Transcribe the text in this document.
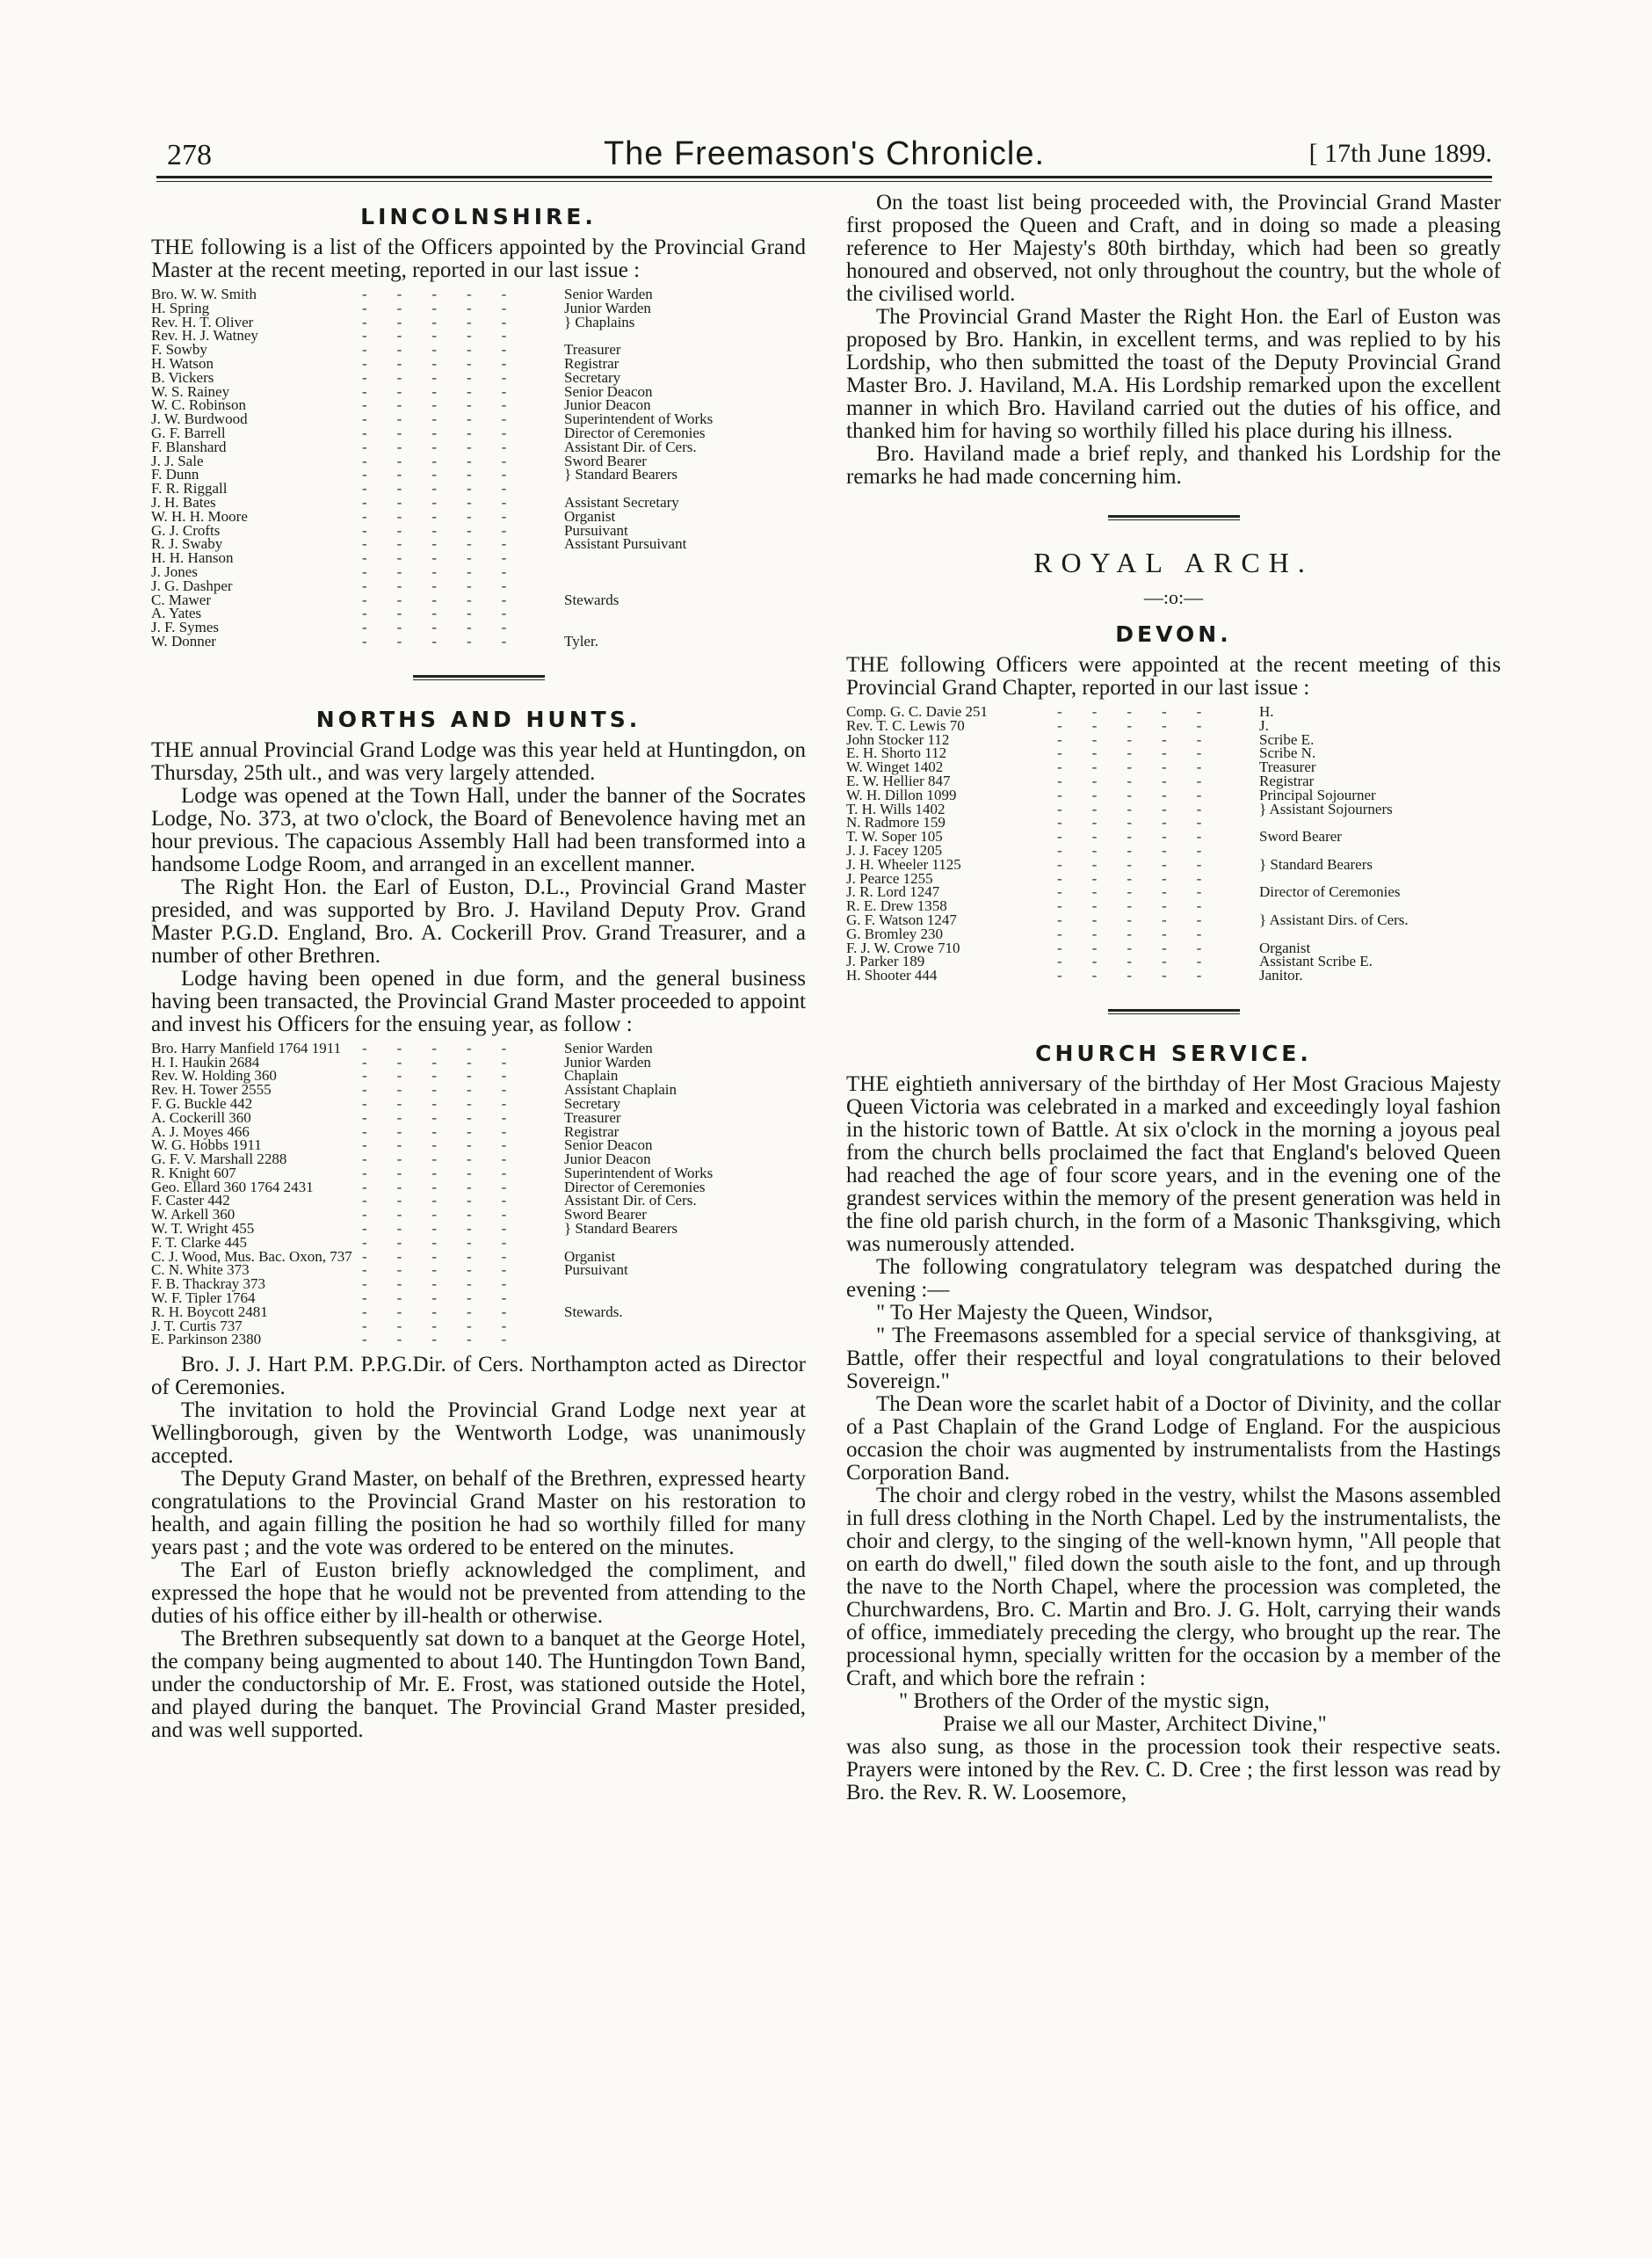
278	The Freemason's Chronicle.	[ 17th June 1899.
LINCOLNSHIRE.

THE following is a list of the Officers appointed by the Provincial Grand Master at the recent meeting, reported in our last issue :

Bro. W. W. Smith	-        -        -        -        -	Senior Warden
H. Spring	-        -        -        -        -	Junior Warden
Rev. H. T. Oliver	-        -        -        -        -	} Chaplains
Rev. H. J. Watney	-        -        -        -        -	
F. Sowby	-        -        -        -        -	Treasurer
H. Watson	-        -        -        -        -	Registrar
B. Vickers	-        -        -        -        -	Secretary
W. S. Rainey	-        -        -        -        -	Senior Deacon
W. C. Robinson	-        -        -        -        -	Junior Deacon
J. W. Burdwood	-        -        -        -        -	Superintendent of Works
G. F. Barrell	-        -        -        -        -	Director of Ceremonies
F. Blanshard	-        -        -        -        -	Assistant Dir. of Cers.
J. J. Sale	-        -        -        -        -	Sword Bearer
F. Dunn	-        -        -        -        -	} Standard Bearers
F. R. Riggall	-        -        -        -        -	
J. H. Bates	-        -        -        -        -	Assistant Secretary
W. H. H. Moore	-        -        -        -        -	Organist
G. J. Crofts	-        -        -        -        -	Pursuivant
R. J. Swaby	-        -        -        -        -	Assistant Pursuivant
H. H. Hanson	-        -        -        -        -	
J. Jones	-        -        -        -        -	
J. G. Dashper	-        -        -        -        -	
C. Mawer	-        -        -        -        -	Stewards
A. Yates	-        -        -        -        -	
J. F. Symes	-        -        -        -        -	
W. Donner	-        -        -        -        -	Tyler.
NORTHS AND HUNTS.

THE annual Provincial Grand Lodge was this year held at Huntingdon, on Thursday, 25th ult., and was very largely attended.

Lodge was opened at the Town Hall, under the banner of the Socrates Lodge, No. 373, at two o'clock, the Board of Benevolence having met an hour previous. The capacious Assembly Hall had been transformed into a handsome Lodge Room, and arranged in an excellent manner.

The Right Hon. the Earl of Euston, D.L., Provincial Grand Master presided, and was supported by Bro. J. Haviland Deputy Prov. Grand Master P.G.D. England, Bro. A. Cockerill Prov. Grand Treasurer, and a number of other Brethren.

Lodge having been opened in due form, and the general business having been transacted, the Provincial Grand Master proceeded to appoint and invest his Officers for the ensuing year, as follow :

Bro. Harry Manfield 1764 1911	-        -        -        -        -	Senior Warden
H. I. Haukin 2684	-        -        -        -        -	Junior Warden
Rev. W. Holding 360	-        -        -        -        -	Chaplain
Rev. H. Tower 2555	-        -        -        -        -	Assistant Chaplain
F. G. Buckle 442	-        -        -        -        -	Secretary
A. Cockerill 360	-        -        -        -        -	Treasurer
A. J. Moyes 466	-        -        -        -        -	Registrar
W. G. Hobbs 1911	-        -        -        -        -	Senior Deacon
G. F. V. Marshall 2288	-        -        -        -        -	Junior Deacon
R. Knight 607	-        -        -        -        -	Superintendent of Works
Geo. Ellard 360 1764 2431	-        -        -        -        -	Director of Ceremonies
F. Caster 442	-        -        -        -        -	Assistant Dir. of Cers.
W. Arkell 360	-        -        -        -        -	Sword Bearer
W. T. Wright 455	-        -        -        -        -	} Standard Bearers
F. T. Clarke 445	-        -        -        -        -	
C. J. Wood, Mus. Bac. Oxon, 737	-        -        -        -        -	Organist
C. N. White 373	-        -        -        -        -	Pursuivant
F. B. Thackray 373	-        -        -        -        -	
W. F. Tipler 1764	-        -        -        -        -	
R. H. Boycott 2481	-        -        -        -        -	Stewards.
J. T. Curtis 737	-        -        -        -        -	
E. Parkinson 2380	-        -        -        -        -	

Bro. J. J. Hart P.M. P.P.G.Dir. of Cers. Northampton acted as Director of Ceremonies.

The invitation to hold the Provincial Grand Lodge next year at Wellingborough, given by the Wentworth Lodge, was unanimously accepted.

The Deputy Grand Master, on behalf of the Brethren, expressed hearty congratulations to the Provincial Grand Master on his restoration to health, and again filling the position he had so worthily filled for many years past ; and the vote was ordered to be entered on the minutes.

The Earl of Euston briefly acknowledged the compliment, and expressed the hope that he would not be prevented from attending to the duties of his office either by ill-health or otherwise.

The Brethren subsequently sat down to a banquet at the George Hotel, the company being augmented to about 140. The Huntingdon Town Band, under the conductorship of Mr. E. Frost, was stationed outside the Hotel, and played during the banquet. The Provincial Grand Master presided, and was well supported.

On the toast list being proceeded with, the Provincial Grand Master first proposed the Queen and Craft, and in doing so made a pleasing reference to Her Majesty's 80th birthday, which had been so greatly honoured and observed, not only throughout the country, but the whole of the civilised world.

The Provincial Grand Master the Right Hon. the Earl of Euston was proposed by Bro. Hankin, in excellent terms, and was replied to by his Lordship, who then submitted the toast of the Deputy Provincial Grand Master Bro. J. Haviland, M.A. His Lordship remarked upon the excellent manner in which Bro. Haviland carried out the duties of his office, and thanked him for having so worthily filled his place during his illness.

Bro. Haviland made a brief reply, and thanked his Lordship for the remarks he had made concerning him.

ROYAL ARCH.
—:o:—
DEVON.

THE following Officers were appointed at the recent meeting of this Provincial Grand Chapter, reported in our last issue :

Comp. G. C. Davie 251	-        -        -        -        -	H.
Rev. T. C. Lewis 70	-        -        -        -        -	J.
John Stocker 112	-        -        -        -        -	Scribe E.
E. H. Shorto 112	-        -        -        -        -	Scribe N.
W. Winget 1402	-        -        -        -        -	Treasurer
E. W. Hellier 847	-        -        -        -        -	Registrar
W. H. Dillon 1099	-        -        -        -        -	Principal Sojourner
T. H. Wills 1402	-        -        -        -        -	} Assistant Sojourners
N. Radmore 159	-        -        -        -        -	
T. W. Soper 105	-        -        -        -        -	Sword Bearer
J. J. Facey 1205	-        -        -        -        -	
J. H. Wheeler 1125	-        -        -        -        -	} Standard Bearers
J. Pearce 1255	-        -        -        -        -	
J. R. Lord 1247	-        -        -        -        -	Director of Ceremonies
R. E. Drew 1358	-        -        -        -        -	
G. F. Watson 1247	-        -        -        -        -	} Assistant Dirs. of Cers.
G. Bromley 230	-        -        -        -        -	
F. J. W. Crowe 710	-        -        -        -        -	Organist
J. Parker 189	-        -        -        -        -	Assistant Scribe E.
H. Shooter 444	-        -        -        -        -	Janitor.
CHURCH SERVICE.

THE eightieth anniversary of the birthday of Her Most Gracious Majesty Queen Victoria was celebrated in a marked and exceedingly loyal fashion in the historic town of Battle. At six o'clock in the morning a joyous peal from the church bells proclaimed the fact that England's beloved Queen had reached the age of four score years, and in the evening one of the grandest services within the memory of the present generation was held in the fine old parish church, in the form of a Masonic Thanksgiving, which was numerously attended.

The following congratulatory telegram was despatched during the evening :—

" To Her Majesty the Queen, Windsor,

" The Freemasons assembled for a special service of thanksgiving, at Battle, offer their respectful and loyal congratulations to their beloved Sovereign."

The Dean wore the scarlet habit of a Doctor of Divinity, and the collar of a Past Chaplain of the Grand Lodge of England. For the auspicious occasion the choir was augmented by instrumentalists from the Hastings Corporation Band.

The choir and clergy robed in the vestry, whilst the Masons assembled in full dress clothing in the North Chapel. Led by the instrumentalists, the choir and clergy, to the singing of the well-known hymn, "All people that on earth do dwell," filed down the south aisle to the font, and up through the nave to the North Chapel, where the procession was completed, the Churchwardens, Bro. C. Martin and Bro. J. G. Holt, carrying their wands of office, immediately preceding the clergy, who brought up the rear. The processional hymn, specially written for the occasion by a member of the Craft, and which bore the refrain :

" Brothers of the Order of the mystic sign,

Praise we all our Master, Architect Divine,"

was also sung, as those in the procession took their respective seats. Prayers were intoned by the Rev. C. D. Cree ; the first lesson was read by Bro. the Rev. R. W. Loosemore,
